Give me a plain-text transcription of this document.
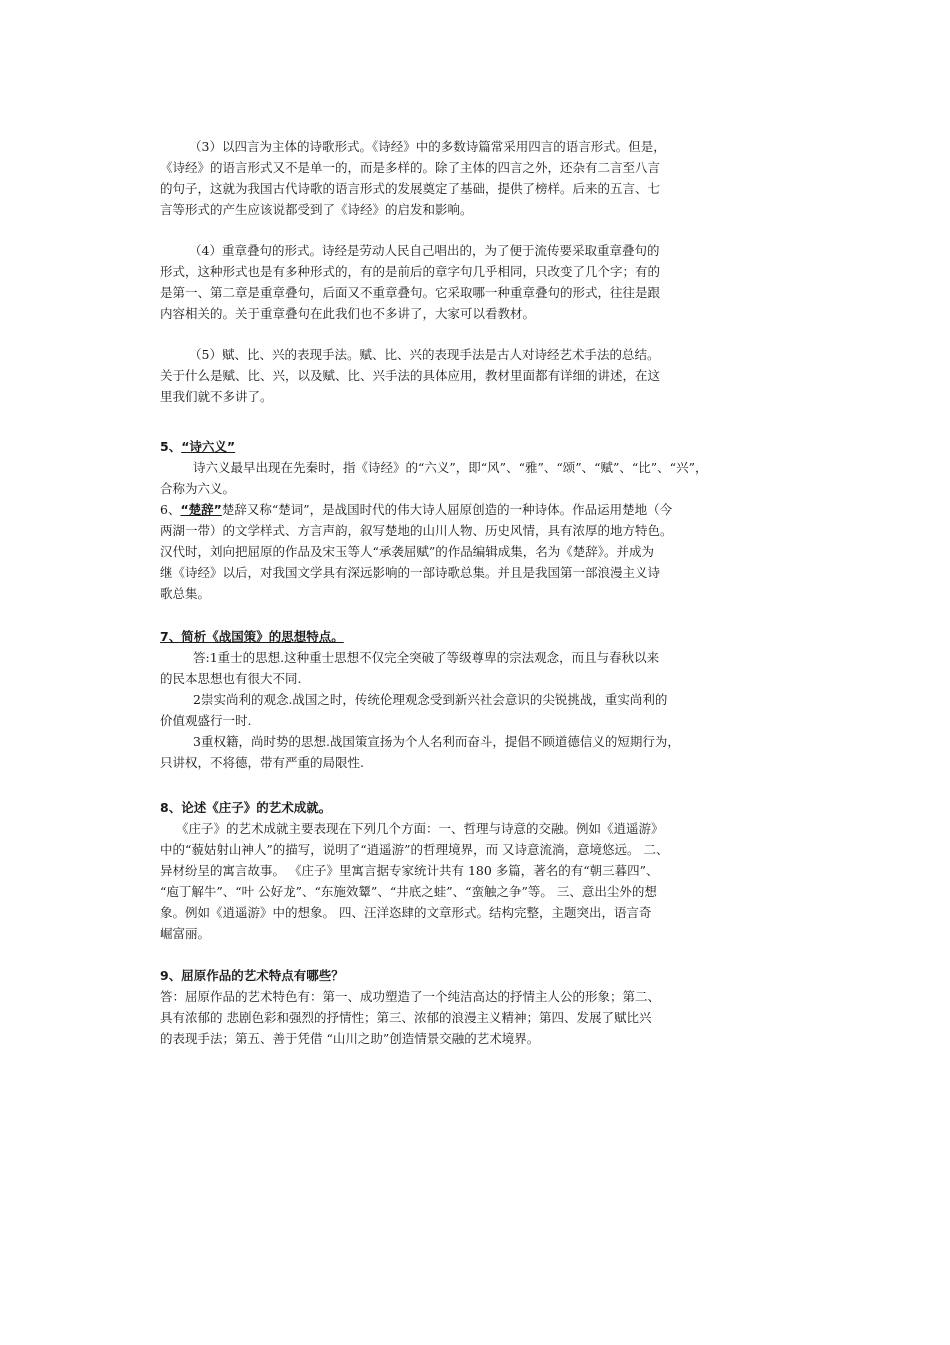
（3）以四言为主体的诗歌形式。《诗经》中的多数诗篇常采用四言的语言形式。但是，
《诗经》的语言形式又不是单一的，而是多样的。除了主体的四言之外，还杂有二言至八言
的句子，这就为我国古代诗歌的语言形式的发展奠定了基础，提供了榜样。后来的五言、七
言等形式的产生应该说都受到了《诗经》的启发和影响。
（4）重章叠句的形式。诗经是劳动人民自己唱出的，为了便于流传要采取重章叠句的
形式，这种形式也是有多种形式的，有的是前后的章字句几乎相同，只改变了几个字；有的
是第一、第二章是重章叠句，后面又不重章叠句。它采取哪一种重章叠句的形式，往往是跟
内容相关的。关于重章叠句在此我们也不多讲了，大家可以看教材。
（5）赋、比、兴的表现手法。赋、比、兴的表现手法是古人对诗经艺术手法的总结。
关于什么是赋、比、兴，以及赋、比、兴手法的具体应用，教材里面都有详细的讲述，在这
里我们就不多讲了。
5、“诗六义”
诗六义最早出现在先秦时，指《诗经》的“六义”，即“风”、“雅”、“颂”、“赋”、“比”、“兴”，
合称为六义。
6、“楚辞”楚辞又称“楚词”，是战国时代的伟大诗人屈原创造的一种诗体。作品运用楚地（今
两湖一带）的文学样式、方言声韵，叙写楚地的山川人物、历史风情，具有浓厚的地方特色。
汉代时，刘向把屈原的作品及宋玉等人“承袭屈赋”的作品编辑成集，名为《楚辞》。并成为
继《诗经》以后，对我国文学具有深远影响的一部诗歌总集。并且是我国第一部浪漫主义诗
歌总集。
7、简析《战国策》的思想特点。
答:1重士的思想.这种重士思想不仅完全突破了等级尊卑的宗法观念，而且与春秋以来
的民本思想也有很大不同.
2崇实尚利的观念.战国之时，传统伦理观念受到新兴社会意识的尖锐挑战，重实尚利的
价值观盛行一时.
3重权籍，尚时势的思想.战国策宣扬为个人名利而奋斗，提倡不顾道德信义的短期行为，
只讲权，不将德，带有严重的局限性.
8、论述《庄子》的艺术成就。
《庄子》的艺术成就主要表现在下列几个方面：一、哲理与诗意的交融。例如《逍遥游》
中的“藐姑射山神人”的描写，说明了“逍遥游”的哲理境界，而 又诗意流淌，意境悠远。 二、
异材纷呈的寓言故事。 《庄子》里寓言据专家统计共有 180 多篇，著名的有“朝三暮四”、
“庖丁解牛”、“叶 公好龙”、“东施效颦”、“井底之蛙”、“蛮触之争”等。 三、意出尘外的想
象。例如《逍遥游》中的想象。 四、汪洋恣肆的文章形式。结构完整，主题突出，语言奇
崛富丽。
9、屈原作品的艺术特点有哪些？
答：屈原作品的艺术特色有：第一、成功塑造了一个纯洁高达的抒情主人公的形象；第二、
具有浓郁的 悲剧色彩和强烈的抒情性；第三、浓郁的浪漫主义精神；第四、发展了赋比兴
的表现手法；第五、善于凭借 “山川之助”创造情景交融的艺术境界。
